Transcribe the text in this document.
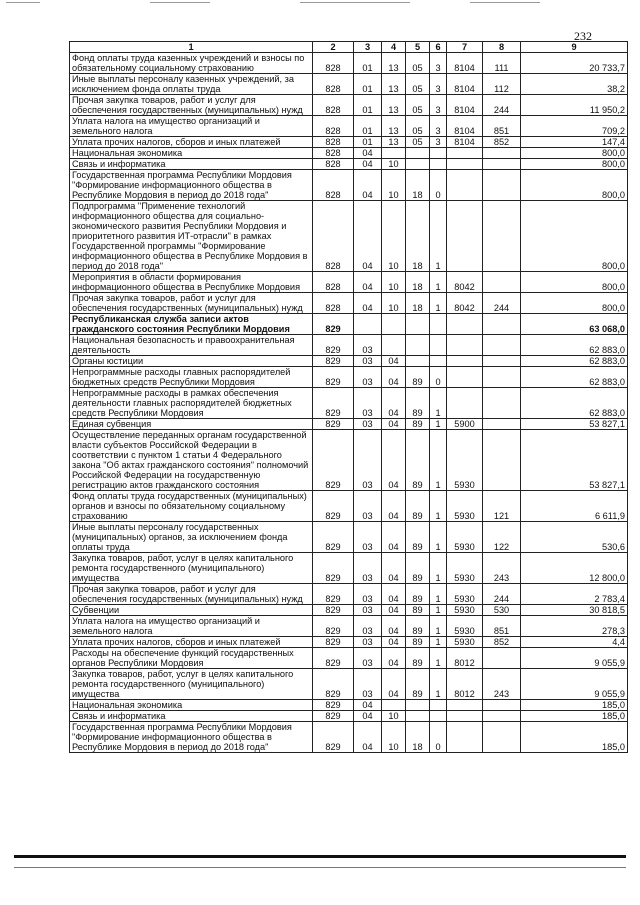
232
1	2	3	4	5	6	7	8	9
Фонд оплаты труда казенных учреждений и взносы по обязательному социальному страхованию	828	01	13	05	3	8104	111	20 733,7
Иные выплаты персоналу казенных учреждений, за исключением фонда оплаты труда	828	01	13	05	3	8104	112	38,2
Прочая закупка товаров, работ и услуг для обеспечения государственных (муниципальных) нужд	828	01	13	05	3	8104	244	11 950,2
Уплата налога на имущество организаций и земельного налога	828	01	13	05	3	8104	851	709,2
Уплата прочих налогов, сборов и иных платежей	828	01	13	05	3	8104	852	147,4
Национальная экономика	828	04						800,0
Связь и информатика	828	04	10					800,0
Государственная программа Республики Мордовия "Формирование информационного общества в Республике Мордовия в период до 2018 года"	828	04	10	18	0			800,0
Подпрограмма "Применение технологий информационного общества для социально-экономического развития Республики Мордовия и приоритетного развития ИТ-отрасли" в рамках Государственной программы "Формирование информационного общества в Республике Мордовия в период до 2018 года"	828	04	10	18	1			800,0
Мероприятия в области формирования информационного общества в Республике Мордовия	828	04	10	18	1	8042		800,0
Прочая закупка товаров, работ и услуг для обеспечения государственных (муниципальных) нужд	828	04	10	18	1	8042	244	800,0
Республиканская служба записи актов гражданского состояния Республики Мордовия	829							63 068,0
Национальная безопасность и правоохранительная деятельность	829	03						62 883,0
Органы юстиции	829	03	04					62 883,0
Непрограммные расходы главных распорядителей бюджетных средств Республики Мордовия	829	03	04	89	0			62 883,0
Непрограммные расходы в рамках обеспечения деятельности главных распорядителей бюджетных средств Республики Мордовия	829	03	04	89	1			62 883,0
Единая субвенция	829	03	04	89	1	5900		53 827,1
Осуществление переданных органам государственной власти субъектов Российской Федерации в соответствии с пунктом 1 статьи 4 Федерального закона "Об актах гражданского состояния" полномочий Российской Федерации на государственную регистрацию актов гражданского состояния	829	03	04	89	1	5930		53 827,1
Фонд оплаты труда государственных (муниципальных) органов и взносы по обязательному социальному страхованию	829	03	04	89	1	5930	121	6 611,9
Иные выплаты персоналу государственных (муниципальных) органов, за исключением фонда оплаты труда	829	03	04	89	1	5930	122	530,6
Закупка товаров, работ, услуг в целях капитального ремонта государственного (муниципального) имущества	829	03	04	89	1	5930	243	12 800,0
Прочая закупка товаров, работ и услуг для обеспечения государственных (муниципальных) нужд	829	03	04	89	1	5930	244	2 783,4
Субвенции	829	03	04	89	1	5930	530	30 818,5
Уплата налога на имущество организаций и земельного налога	829	03	04	89	1	5930	851	278,3
Уплата прочих налогов, сборов и иных платежей	829	03	04	89	1	5930	852	4,4
Расходы на обеспечение функций государственных органов Республики Мордовия	829	03	04	89	1	8012		9 055,9
Закупка товаров, работ, услуг в целях капитального ремонта государственного (муниципального) имущества	829	03	04	89	1	8012	243	9 055,9
Национальная экономика	829	04						185,0
Связь и информатика	829	04	10					185,0
Государственная программа Республики Мордовия "Формирование информационного общества в Республике Мордовия в период до 2018 года"	829	04	10	18	0			185,0
